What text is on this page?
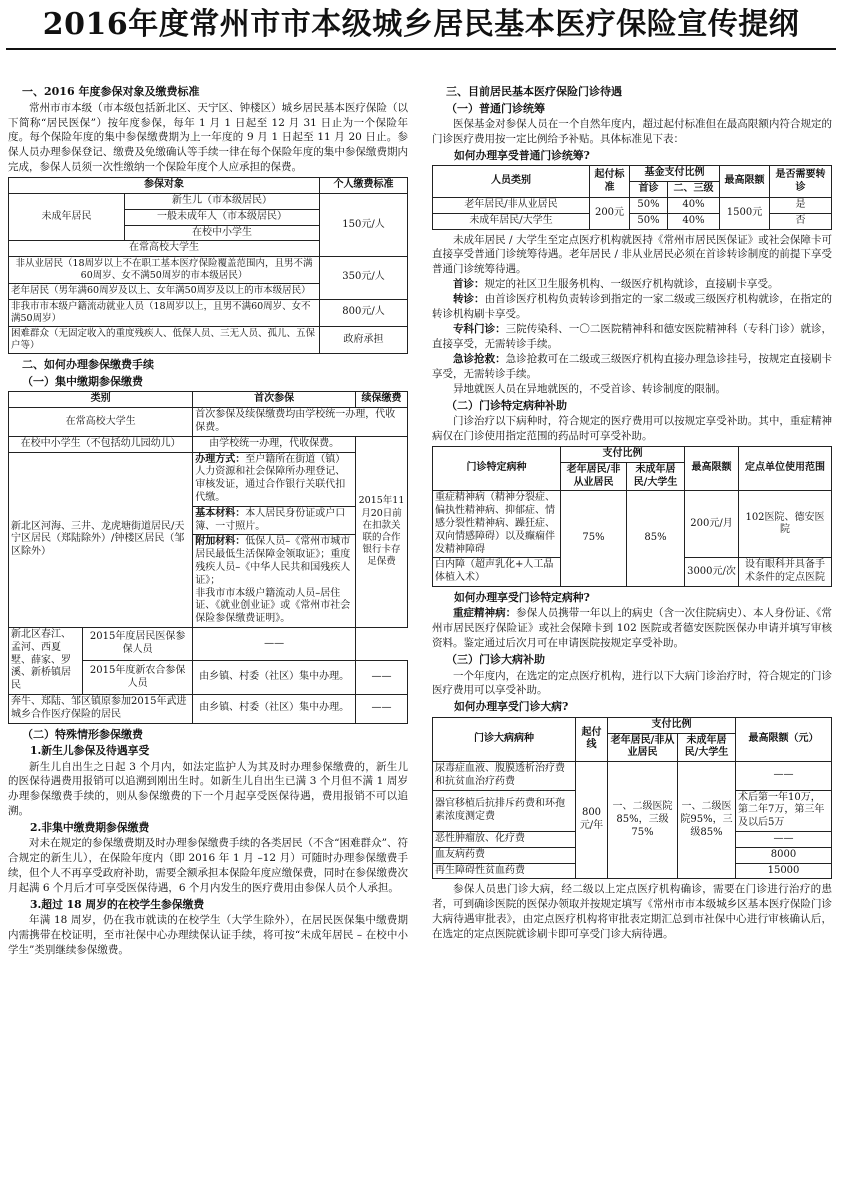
2016年度常州市市本级城乡居民基本医疗保险宣传提纲
一、2016 年度参保对象及缴费标准

常州市市本级（市本级包括新北区、天宁区、钟楼区）城乡居民基本医疗保险（以下简称“居民医保”）按年度参保，每年 1 月 1 日起至 12 月 31 日止为一个保险年度。每个保险年度的集中参保缴费期为上一年度的 9 月 1 日起至 11 月 20 日止。参保人员办理参保登记、缴费及免缴确认等手续一律在每个保险年度的集中参保缴费期内完成，参保人员须一次性缴纳一个保险年度个人应承担的保费。

参保对象		个人缴费标准
未成年居民	新生儿（市本级居民）	150元/人
	一般未成年人（市本级居民）	
	在校中小学生	
在常高校大学生		
非从业居民（18周岁以上不在职工基本医疗保险覆盖范围内，且男不满60周岁、女不满50周岁的市本级居民）		350元/人
老年居民（男年满60周岁及以上、女年满50周岁及以上的市本级居民）		
非我市市本级户籍流动就业人员（18周岁以上，且男不满60周岁、女不满50周岁）		800元/人
困难群众（无固定收入的重度残疾人、低保人员、三无人员、孤儿、五保户等）		政府承担
二、如何办理参保缴费手续
（一）集中缴期参保缴费
类别		首次参保	续保缴费
在常高校大学生		首次参保及续保缴费均由学校统一办理，代收保费。	
在校中小学生（不包括幼儿园幼儿）		由学校统一办理，代收保费。	2015年11月20日前在扣款关联的合作银行卡存足保费
新北区河海、三井、龙虎塘街道居民/天宁区居民（郑陆除外）/钟楼区居民（邹区除外）		办理方式：至户籍所在街道（镇）人力资源和社会保障所办理登记、审核发证，通过合作银行关联代扣代缴。	
		基本材料：本人居民身份证或户口簿、一寸照片。	
		附加材料：低保人员–《常州市城市居民最低生活保障金领取证》；重度残疾人员–《中华人民共和国残疾人证》；
非我市市本级户籍流动人员–居住证、《就业创业证》或《常州市社会保险参保缴费证明》。	
新北区春江、孟河、西夏墅、薛家、罗溪、新桥镇居民	2015年度居民医保参保人员	——	
	2015年度新农合参保人员	由乡镇、村委（社区）集中办理。	——
奔牛、郑陆、邹区镇原参加2015年武进城乡合作医疗保险的居民		由乡镇、村委（社区）集中办理。	——
（二）特殊情形参保缴费
1.新生儿参保及待遇享受

新生儿自出生之日起 3 个月内，如法定监护人为其及时办理参保缴费的，新生儿的医保待遇费用报销可以追溯到刚出生时。如新生儿自出生已满 3 个月但不满 1 周岁办理参保缴费手续的，则从参保缴费的下一个月起享受医保待遇，费用报销不可以追溯。

2.非集中缴费期参保缴费

对未在规定的参保缴费期及时办理参保缴费手续的各类居民（不含“困难群众”、符合规定的新生儿），在保险年度内（即 2016 年 1 月 –12 月）可随时办理参保缴费手续，但个人不再享受政府补助，需要全额承担本保险年度应缴保费，同时在参保缴费次月起满 6 个月后才可享受医保待遇，6 个月内发生的医疗费用由参保人员个人承担。

3.超过 18 周岁的在校学生参保缴费

年满 18 周岁，仍在我市就读的在校学生（大学生除外），在居民医保集中缴费期内需携带在校证明，至市社保中心办理续保认证手续，将可按“未成年居民 – 在校中小学生”类别继续参保缴费。

三、目前居民基本医疗保险门诊待遇
（一）普通门诊统筹

医保基金对参保人员在一个自然年度内，超过起付标准但在最高限额内符合规定的门诊医疗费用按一定比例给予补贴。具体标准见下表：

如何办理享受普通门诊统筹?
人员类别	起付标准	基金支付比例		最高限额	是否需要转诊
		首诊	二、三级		
老年居民/非从业居民	200元	50%	40%	1500元	是
未成年居民/大学生		50%	40%		否

未成年居民 / 大学生至定点医疗机构就医持《常州市居民医保证》或社会保障卡可直接享受普通门诊统筹待遇。老年居民 / 非从业居民必须在首诊转诊制度的前提下享受普通门诊统筹待遇。

首诊：规定的社区卫生服务机构、一级医疗机构就诊，直接刷卡享受。

转诊：由首诊医疗机构负责转诊到指定的一家二级或三级医疗机构就诊，在指定的转诊机构刷卡享受。

专科门诊：三院传染科、一〇二医院精神科和德安医院精神科（专科门诊）就诊，直接享受，无需转诊手续。

急诊抢救：急诊抢救可在二级或三级医疗机构直接办理急诊挂号，按规定直接刷卡享受，无需转诊手续。

异地就医人员在异地就医的，不受首诊、转诊制度的限制。

（二）门诊特定病种补助

门诊治疗以下病种时，符合规定的医疗费用可以按规定享受补助。其中，重症精神病仅在门诊使用指定范围的药品时可享受补助。

门诊特定病种	支付比例		最高限额	定点单位使用范围
	老年居民/非从业居民	未成年居民/大学生		
重症精神病（精神分裂症、偏执性精神病、抑郁症、情感分裂性精神病、躁狂症、双向情感障碍）以及癫痫伴发精神障碍	75%	85%	200元/月	102医院、德安医院
白内障（超声乳化+人工晶体植入术）			3000元/次	设有眼科并具备手术条件的定点医院
如何办理享受门诊特定病种?

重症精神病：参保人员携带一年以上的病史（含一次住院病史）、本人身份证、《常州市居民医疗保险证》或社会保障卡到 102 医院或者德安医院医保办申请并填写审核资料。鉴定通过后次月可在申请医院按规定享受补助。

（三）门诊大病补助

一个年度内，在选定的定点医疗机构，进行以下大病门诊治疗时，符合规定的门诊医疗费用可以享受补助。

如何办理享受门诊大病?
门诊大病病种	起付线	支付比例		最高限额（元）
		老年居民/非从业居民	未成年居民/大学生	
尿毒症血液、腹膜透析治疗费和抗贫血治疗药费	800元/年	一、二级医院85%，三级75%	一、二级医院95%，三级85%	——
器官移植后抗排斥药费和环孢素浓度测定费				术后第一年10万，第二年7万，第三年及以后5万
恶性肿瘤放、化疗费				——
血友病药费				8000
再生障碍性贫血药费				15000

参保人员患门诊大病，经二级以上定点医疗机构确诊，需要在门诊进行治疗的患者，可到确诊医院的医保办领取并按规定填写《常州市市本级城乡区基本医疗保险门诊大病待遇审批表》，由定点医疗机构将审批表定期汇总到市社保中心进行审核确认后，在选定的定点医院就诊刷卡即可享受门诊大病待遇。
